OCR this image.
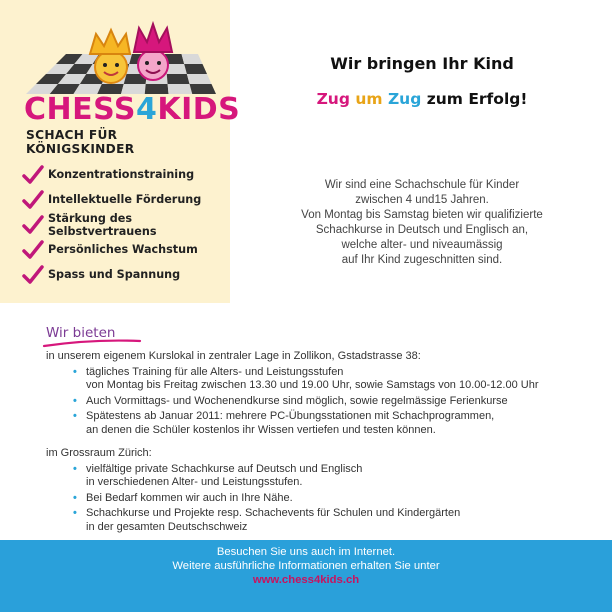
CHESS4KIDS
SCHACH FÜR KÖNIGSKINDER
Konzentrationstraining
Intellektuelle Förderung
Stärkung des Selbstvertrauens
Persönliches Wachstum
Spass und Spannung
Wir bringen Ihr Kind
Zug um Zug zum Erfolg!
Wir sind eine Schachschule für Kinder
zwischen 4 und15 Jahren.
Von Montag bis Samstag bieten wir qualifizierte
Schachkurse in Deutsch und Englisch an,
welche alter- und niveaumässig
auf Ihr Kind zugeschnitten sind.
Wir bieten
in unserem eigenem Kurslokal in zentraler Lage in Zollikon, Gstadstrasse 38:
• tägliches Training für alle Alters- und Leistungsstufen
von Montag bis Freitag zwischen 13.30 und 19.00 Uhr, sowie Samstags von 10.00-12.00 Uhr
• Auch Vormittags- und Wochenendkurse sind möglich, sowie regelmässige Ferienkurse
• Spätestens ab Januar 2011: mehrere PC-Übungsstationen mit Schachprogrammen,
an denen die Schüler kostenlos ihr Wissen vertiefen und testen können.
im Grossraum Zürich:
• vielfältige private Schachkurse auf Deutsch und Englisch
in verschiedenen Alter- und Leistungsstufen.
• Bei Bedarf kommen wir auch in Ihre Nähe.
• Schachkurse und Projekte resp. Schachevents für Schulen und Kindergärten
in der gesamten Deutschschweiz
Besuchen Sie uns auch im Internet.
Weitere ausführliche Informationen erhalten Sie unter
www.chess4kids.ch
